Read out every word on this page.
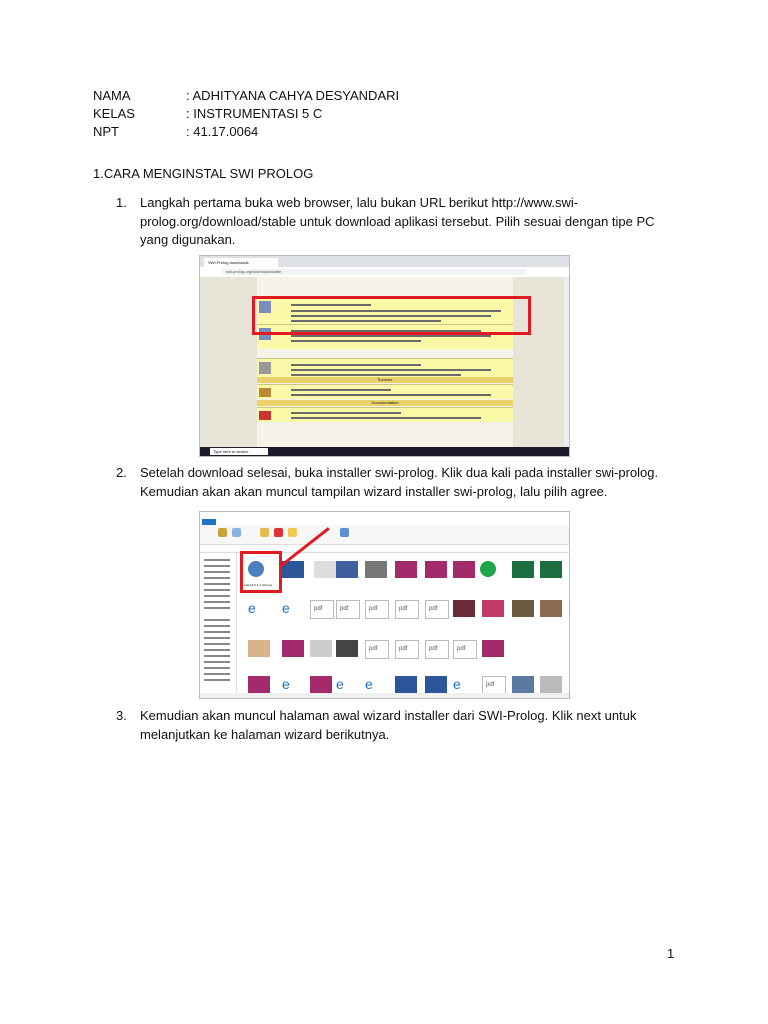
NAMA	: ADHITYANA CAHYA DESYANDARI
KELAS	: INSTRUMENTASI 5 C
NPT	: 41.17.0064
1.CARA MENGINSTAL SWI PROLOG
1. Langkah pertama buka web browser, lalu bukan URL berikut http://www.swi-prolog.org/download/stable untuk download aplikasi tersebut. Pilih sesuai dengan tipe PC yang digunakan.
SWI-Prolog downloads
swi-prolog.org/download/stable
Sources
Documentation
Type here to search
2. Setelah download selesai, buka installer swi-prolog. Klik dua kali pada installer swi-prolog. Kemudian akan akan muncul tampilan wizard installer swi-prolog, lalu pilih agree.
e	e
pdf
pdf
pdf
pdf
pdf
pdf
pdf
pdf
pdf
e	e	e	e
pdf
swipl-8.0.3-1.x64.exe
3. Kemudian akan muncul halaman awal wizard installer dari SWI-Prolog. Klik next untuk melanjutkan ke halaman wizard berikutnya.
1
